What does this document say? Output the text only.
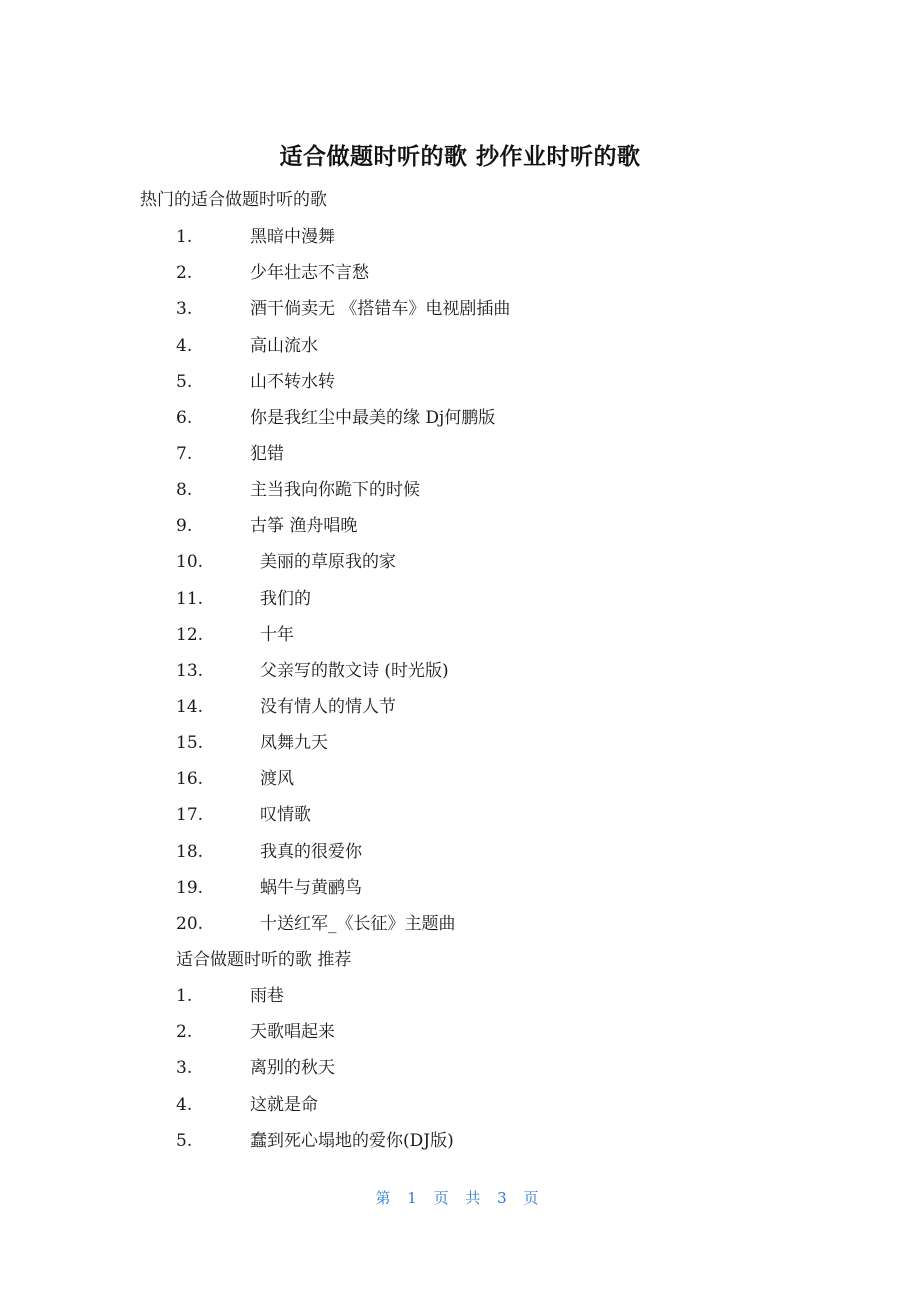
适合做题时听的歌 抄作业时听的歌
热门的适合做题时听的歌
1.	黑暗中漫舞
2.	少年壮志不言愁
3.	酒干倘卖无 《搭错车》电视剧插曲
4.	高山流水
5.	山不转水转
6.	你是我红尘中最美的缘 Dj何鹏版
7.	犯错
8.	主当我向你跪下的时候
9.	古筝 渔舟唱晚
10.	美丽的草原我的家
11.	我们的
12.	十年
13.	父亲写的散文诗 (时光版)
14.	没有情人的情人节
15.	凤舞九天
16.	渡风
17.	叹情歌
18.	我真的很爱你
19.	蜗牛与黄鹂鸟
20.	十送红军_《长征》主题曲
适合做题时听的歌 推荐
1.	雨巷
2.	天歌唱起来
3.	离别的秋天
4.	这就是命
5.	蠢到死心塌地的爱你(DJ版)
第 1 页 共 3 页
